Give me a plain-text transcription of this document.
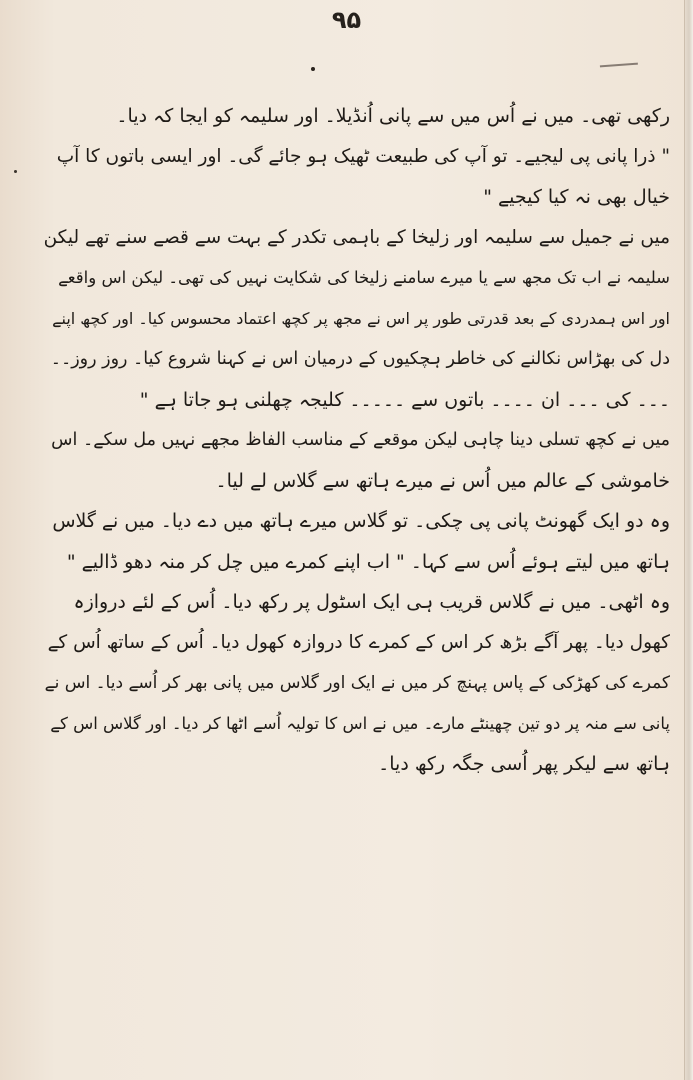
۹۵
رکھی تھی۔ میں نے اُس میں سے پانی اُنڈیلا۔ اور سلیمہ کو ایجا کہ دیا۔
" ذرا پانی پی لیجیے۔ تو آپ کی طبیعت ٹھیک ہو جائے گی۔ اور ایسی باتوں کا آپ
خیال بھی نہ کیا کیجیے "
میں نے جمیل سے سلیمہ اور زلیخا کے باہمی تکدر کے بہت سے قصے سنے تھے لیکن
سلیمہ نے اب تک مجھ سے یا میرے سامنے زلیخا کی شکایت نہیں کی تھی۔ لیکن اس واقعے
اور اس ہمدردی کے بعد قدرتی طور پر اس نے مجھ پر کچھ اعتماد محسوس کیا۔ اور کچھ اپنے
دل کی بھڑاس نکالنے کی خاطر ہچکیوں کے درمیان اس نے کہنا شروع کیا۔ روز روز۔۔
۔۔۔ کی ۔۔۔ ان ۔۔۔۔ باتوں سے ۔۔۔۔۔ کلیجہ چھلنی ہو جاتا ہے "
میں نے کچھ تسلی دینا چاہی لیکن موقعے کے مناسب الفاظ مجھے نہیں مل سکے۔ اس
خاموشی کے عالم میں اُس نے میرے ہاتھ سے گلاس لے لیا۔
وہ دو ایک گھونٹ پانی پی چکی۔ تو گلاس میرے ہاتھ میں دے دیا۔ میں نے گلاس
ہاتھ میں لیتے ہوئے اُس سے کہا۔ " اب اپنے کمرے میں چل کر منہ دھو ڈالیے "
وہ اٹھی۔ میں نے گلاس قریب ہی ایک اسٹول پر رکھ دیا۔ اُس کے لئے دروازہ
کھول دیا۔ پھر آگے بڑھ کر اس کے کمرے کا دروازہ کھول دیا۔ اُس کے ساتھ اُس کے
کمرے کی کھڑکی کے پاس پہنچ کر میں نے ایک اور گلاس میں پانی بھر کر اُسے دیا۔ اس نے
پانی سے منہ پر دو تین چھینٹے مارے۔ میں نے اس کا تولیہ اُسے اٹھا کر دیا۔ اور گلاس اس کے
ہاتھ سے لیکر پھر اُسی جگہ رکھ دیا۔
